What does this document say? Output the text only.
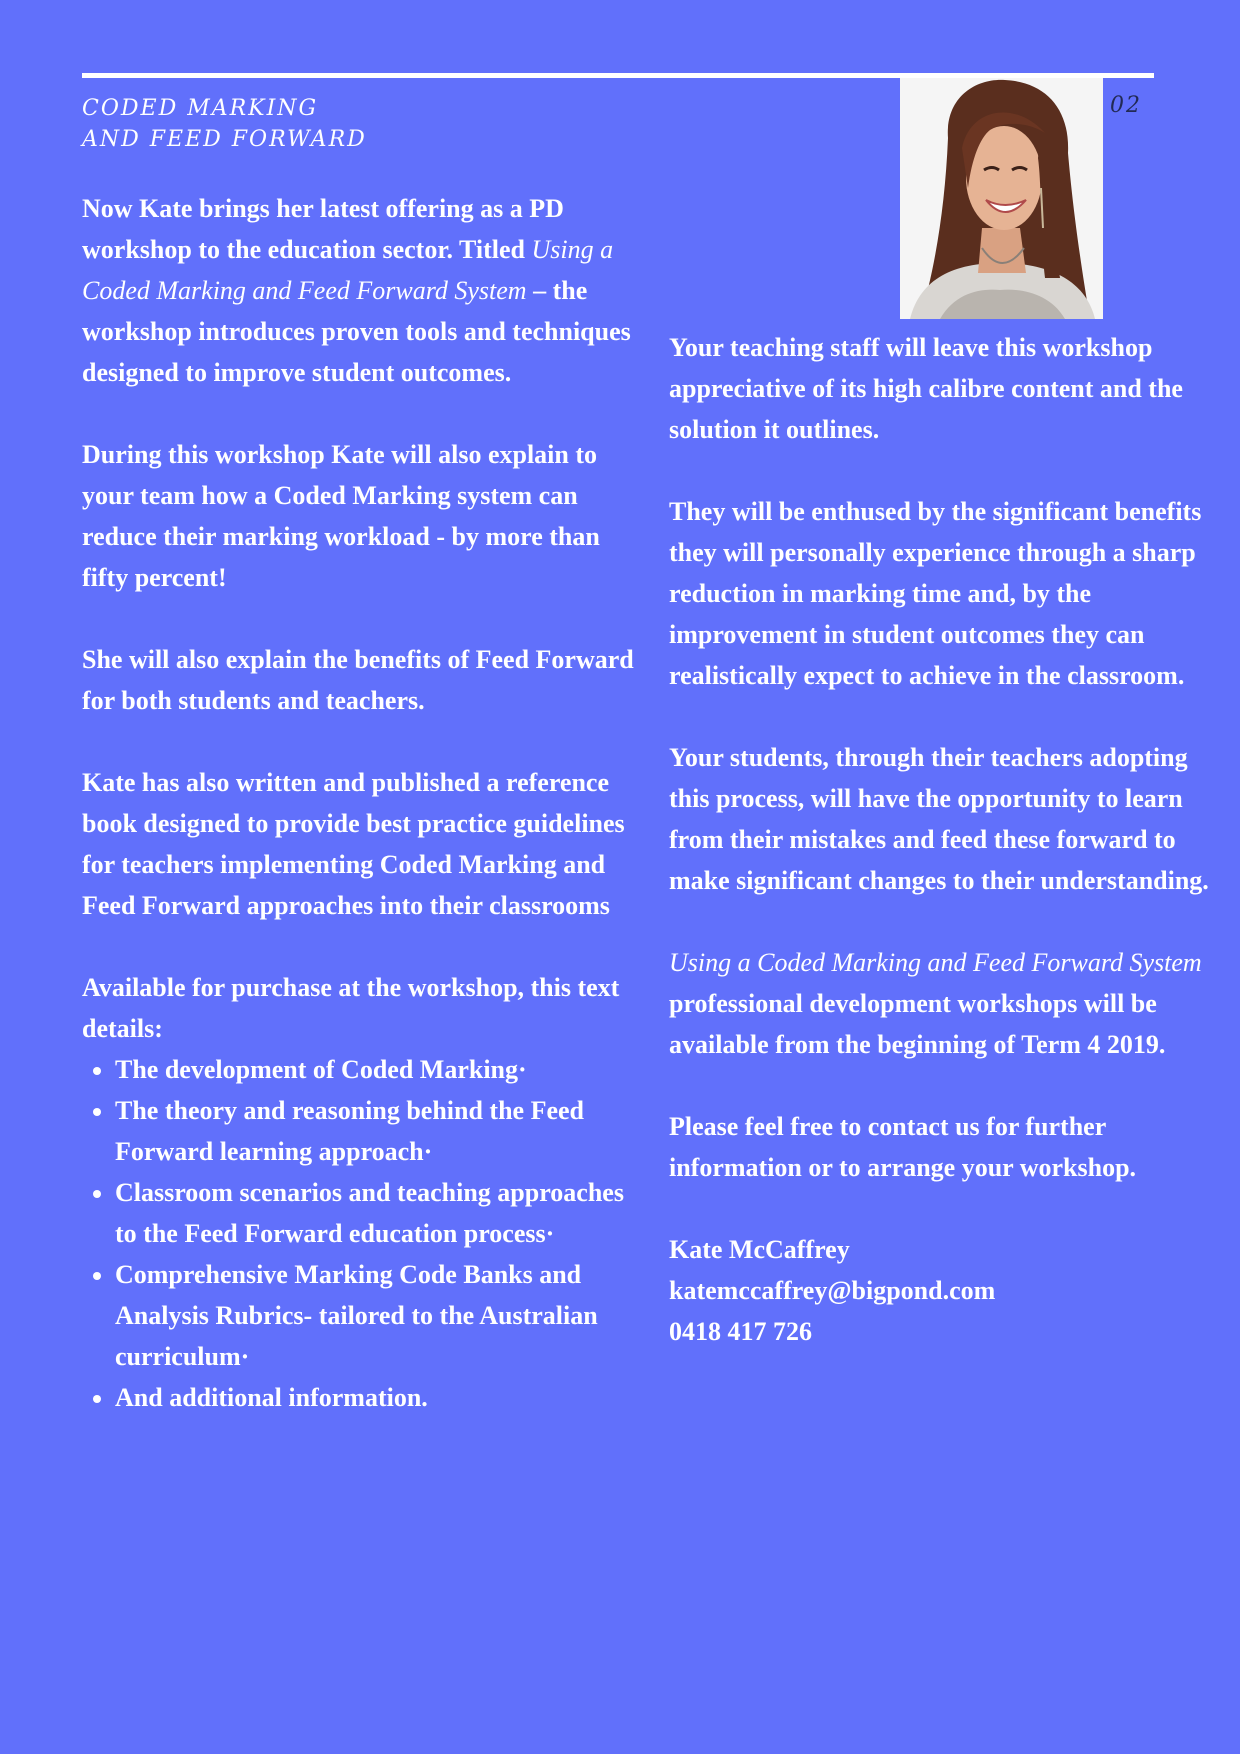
CODED MARKING
AND FEED FORWARD
02

Now Kate brings her latest offering as a PD workshop to the education sector. Titled Using a Coded Marking and Feed Forward System – the workshop introduces proven tools and techniques designed to improve student outcomes.

During this workshop Kate will also explain to your team how a Coded Marking system can reduce their marking workload - by more than fifty percent!

She will also explain the benefits of Feed Forward for both students and teachers.

Kate has also written and published a reference book designed to provide best practice guidelines for teachers implementing Coded Marking and Feed Forward approaches into their classrooms

Available for purchase at the workshop, this text details:
• The development of Coded Marking·
• The theory and reasoning behind the Feed Forward learning approach·
• Classroom scenarios and teaching approaches to the Feed Forward education process·
• Comprehensive Marking Code Banks and Analysis Rubrics- tailored to the Australian curriculum·
• And additional information.

Your teaching staff will leave this workshop appreciative of its high calibre content and the solution it outlines.

They will be enthused by the significant benefits they will personally experience through a sharp reduction in marking time and, by the improvement in student outcomes they can realistically expect to achieve in the classroom.

Your students, through their teachers adopting this process, will have the opportunity to learn from their mistakes and feed these forward to make significant changes to their understanding.

Using a Coded Marking and Feed Forward System professional development workshops will be available from the beginning of Term 4 2019.

Please feel free to contact us for further information or to arrange your workshop.

Kate McCaffrey
katemccaffrey@bigpond.com
0418 417 726
